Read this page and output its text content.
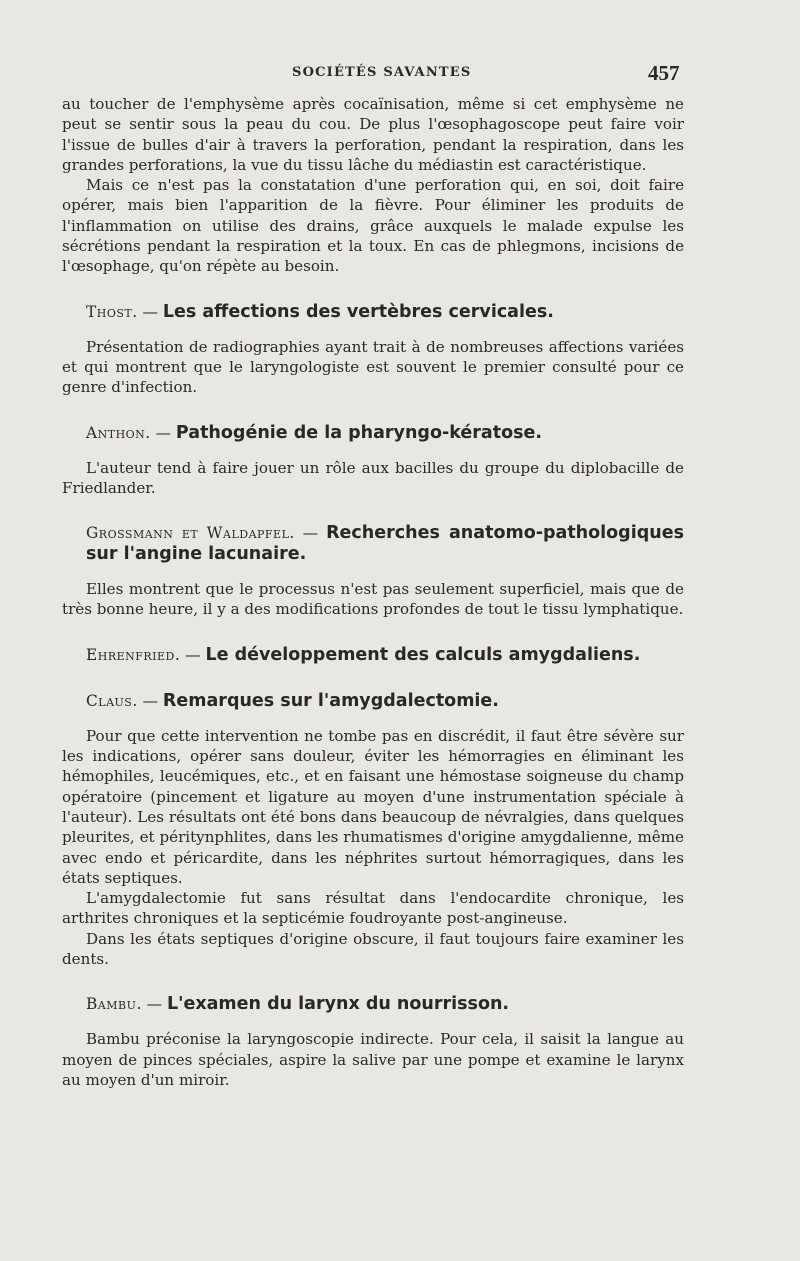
SOCIÉTÉS SAVANTES	457

au toucher de l'emphysème après cocaïnisation, même si cet emphysème ne peut se sentir sous la peau du cou. De plus l'œsophagoscope peut faire voir l'issue de bulles d'air à travers la perforation, pendant la respiration, dans les grandes perforations, la vue du tissu lâche du médiastin est caractéristique.

Mais ce n'est pas la constatation d'une perforation qui, en soi, doit faire opérer, mais bien l'apparition de la fièvre. Pour éliminer les produits de l'inflammation on utilise des drains, grâce auxquels le malade expulse les sécrétions pendant la respiration et la toux. En cas de phlegmons, incisions de l'œsophage, qu'on répète au besoin.

Thost. — Les affections des vertèbres cervicales.

Présentation de radiographies ayant trait à de nombreuses affections variées et qui montrent que le laryngologiste est souvent le premier consulté pour ce genre d'infection.

Anthon. — Pathogénie de la pharyngo-kératose.

L'auteur tend à faire jouer un rôle aux bacilles du groupe du diplobacille de Friedlander.

Grossmann et Waldapfel. — Recherches anatomo-pathologiques sur l'angine lacunaire.

Elles montrent que le processus n'est pas seulement superficiel, mais que de très bonne heure, il y a des modifications profondes de tout le tissu lymphatique.

Ehrenfried. — Le développement des calculs amygdaliens.

Claus. — Remarques sur l'amygdalectomie.

Pour que cette intervention ne tombe pas en discrédit, il faut être sévère sur les indications, opérer sans douleur, éviter les hémorragies en éliminant les hémophiles, leucémiques, etc., et en faisant une hémostase soigneuse du champ opératoire (pincement et ligature au moyen d'une instrumentation spéciale à l'auteur). Les résultats ont été bons dans beaucoup de névralgies, dans quelques pleurites, et péritynphlites, dans les rhumatismes d'origine amygdalienne, même avec endo et péricardite, dans les néphrites surtout hémorragiques, dans les états septiques.

L'amygdalectomie fut sans résultat dans l'endocardite chronique, les arthrites chroniques et la septicémie foudroyante post-angineuse.

Dans les états septiques d'origine obscure, il faut toujours faire examiner les dents.

Bambu. — L'examen du larynx du nourrisson.

Bambu préconise la laryngoscopie indirecte. Pour cela, il saisit la langue au moyen de pinces spéciales, aspire la salive par une pompe et examine le larynx au moyen d'un miroir.
